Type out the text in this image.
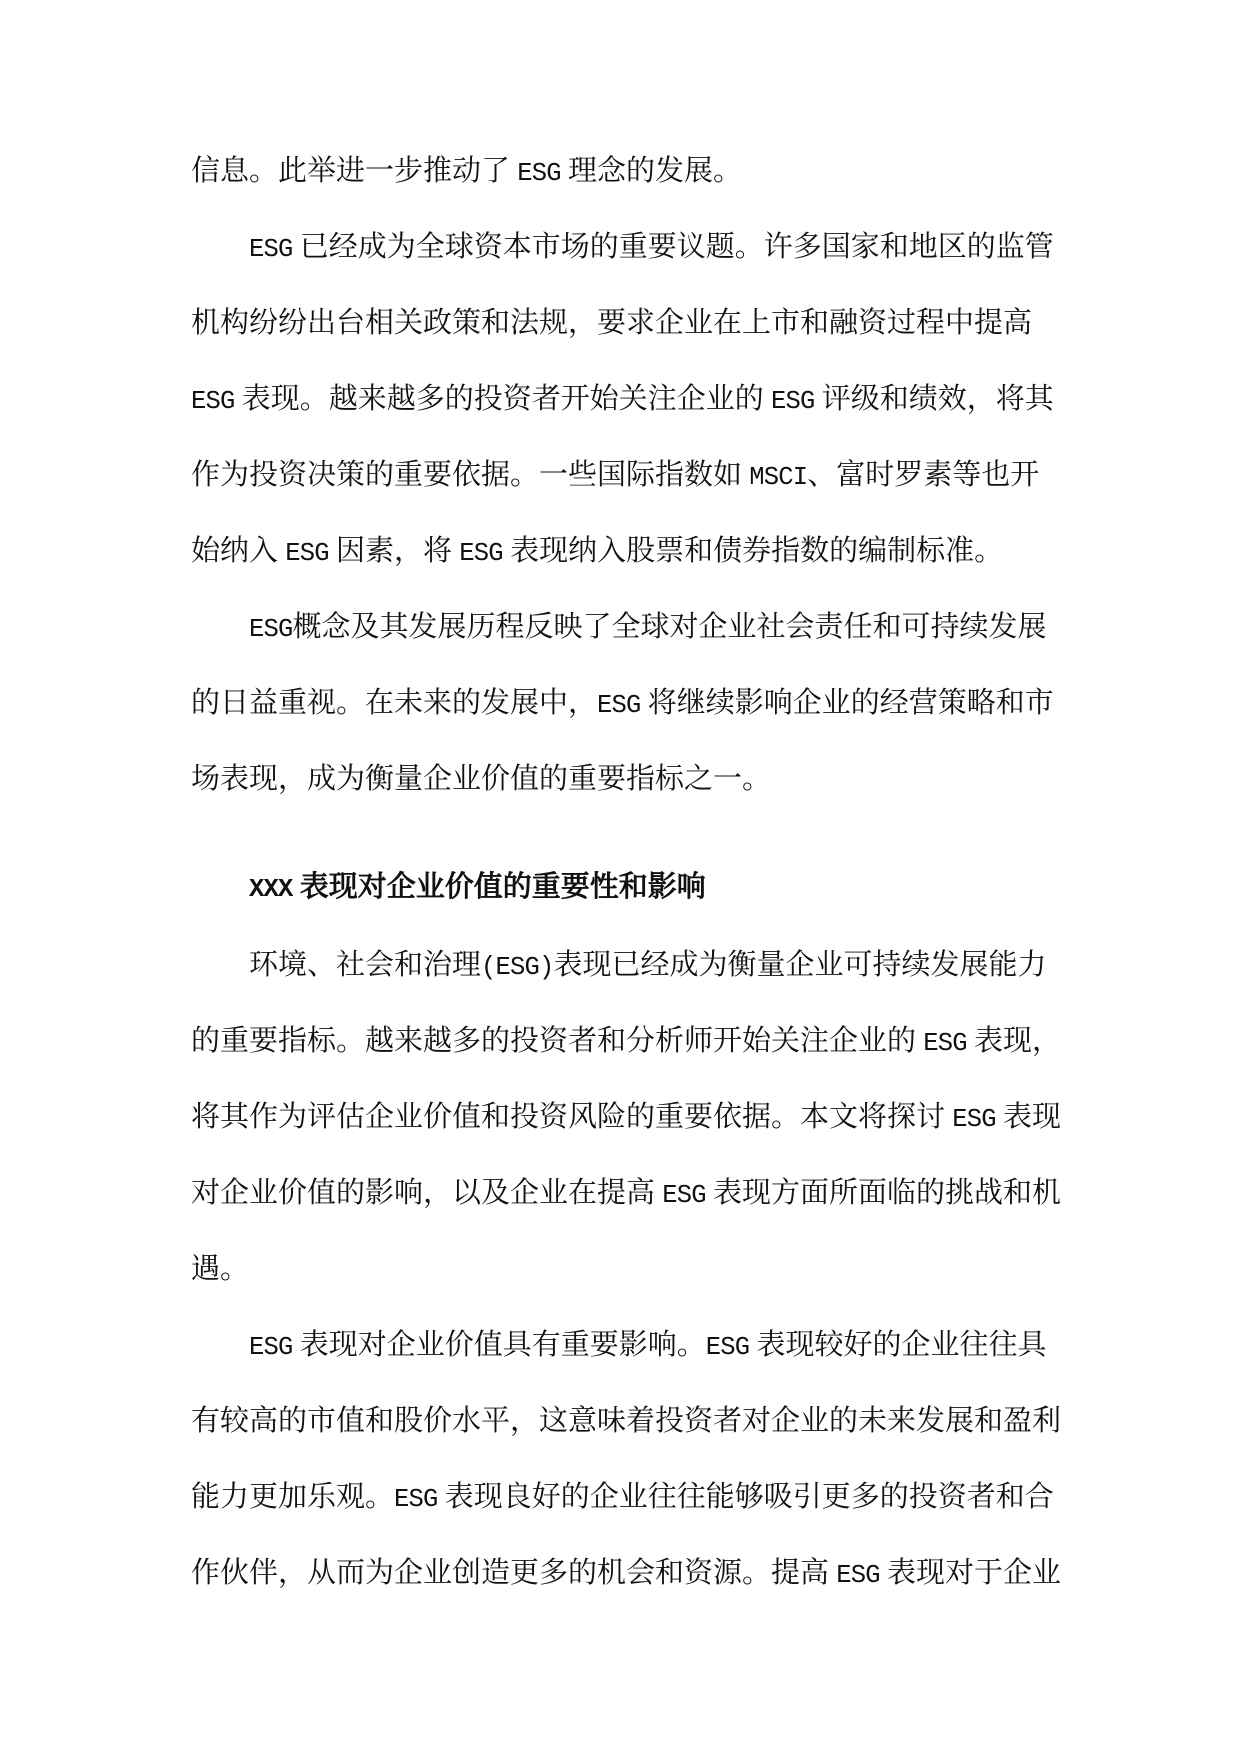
信息。此举进一步推动了 ESG 理念的发展。
ESG 已经成为全球资本市场的重要议题。许多国家和地区的监管
机构纷纷出台相关政策和法规，要求企业在上市和融资过程中提高
ESG 表现。越来越多的投资者开始关注企业的 ESG 评级和绩效，将其
作为投资决策的重要依据。一些国际指数如 MSCI、富时罗素等也开
始纳入 ESG 因素，将 ESG 表现纳入股票和债券指数的编制标准。
ESG概念及其发展历程反映了全球对企业社会责任和可持续发展
的日益重视。在未来的发展中，ESG 将继续影响企业的经营策略和市
场表现，成为衡量企业价值的重要指标之一。
XXX 表现对企业价值的重要性和影响
环境、社会和治理(ESG)表现已经成为衡量企业可持续发展能力
的重要指标。越来越多的投资者和分析师开始关注企业的 ESG 表现，
将其作为评估企业价值和投资风险的重要依据。本文将探讨 ESG 表现
对企业价值的影响，以及企业在提高 ESG 表现方面所面临的挑战和机
遇。
ESG 表现对企业价值具有重要影响。ESG 表现较好的企业往往具
有较高的市值和股价水平，这意味着投资者对企业的未来发展和盈利
能力更加乐观。ESG 表现良好的企业往往能够吸引更多的投资者和合
作伙伴，从而为企业创造更多的机会和资源。提高 ESG 表现对于企业
